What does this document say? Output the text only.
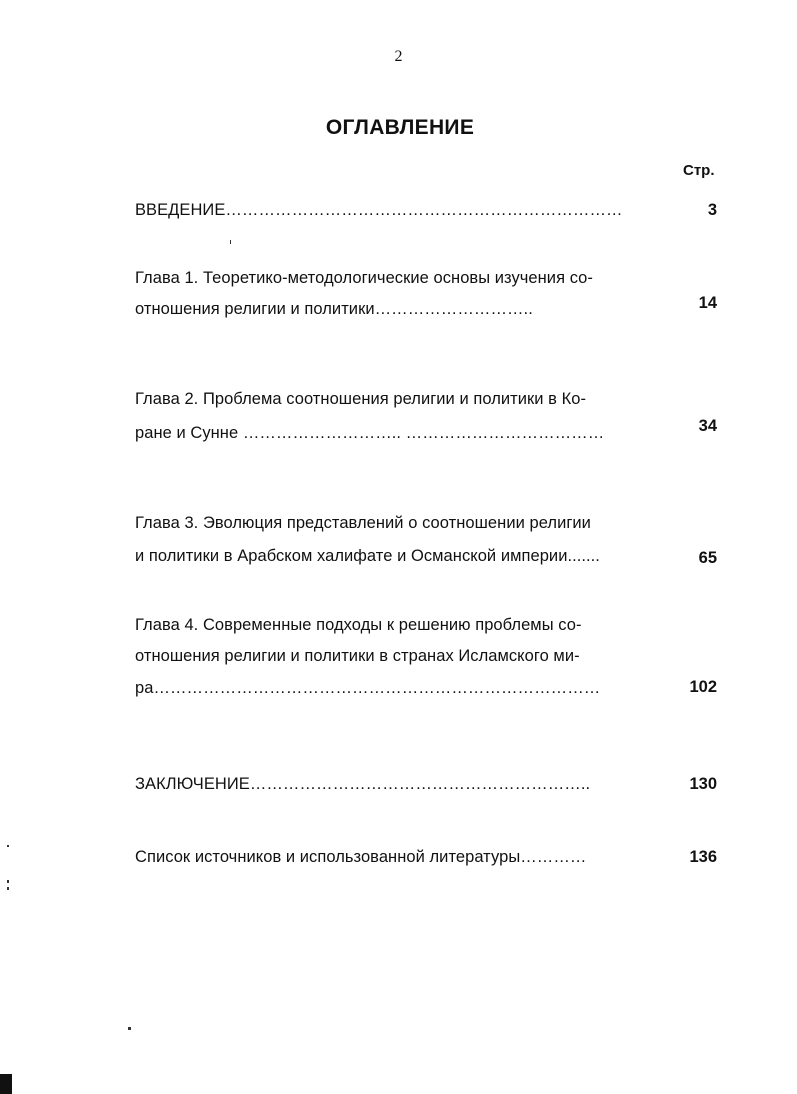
2
ОГЛАВЛЕНИЕ
Стр.
ВВЕДЕНИЕ………………………………………………………………	3
Глава 1. Теоретико-методологические основы изучения со-
отношения религии и политики………………………..	14
Глава 2. Проблема соотношения религии и политики в Ко-
ране и Сунне ……………………….. ………………………………	34
Глава 3. Эволюция представлений о соотношении религии
и политики в Арабском халифате и Османской империи.......	65
Глава 4. Современные подходы к решению проблемы со-
отношения религии и политики в странах Исламского ми-
ра………………………………………………………………………	102
ЗАКЛЮЧЕНИЕ……………………………………………………..	130
Список источников и использованной литературы…………	136
